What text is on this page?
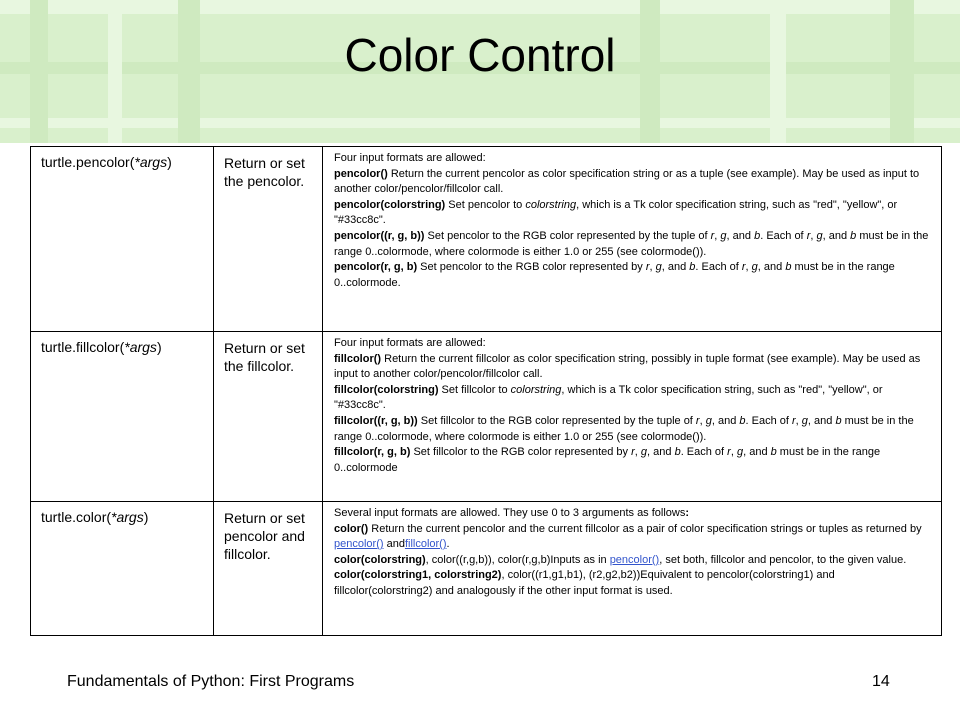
Color Control
turtle.pencolor(*args)	Return or set the pencolor.	Four input formats are allowed:
pencolor() Return the current pencolor as color specification string or as a tuple (see example). May be used as input to another color/pencolor/fillcolor call.
pencolor(colorstring) Set pencolor to colorstring, which is a Tk color specification string, such as "red", "yellow", or "#33cc8c".
pencolor((r, g, b)) Set pencolor to the RGB color represented by the tuple of r, g, and b. Each of r, g, and b must be in the range 0..colormode, where colormode is either 1.0 or 255 (see colormode()).
pencolor(r, g, b) Set pencolor to the RGB color represented by r, g, and b. Each of r, g, and b must be in the range 0..colormode.

turtle.fillcolor(*args)	Return or set the fillcolor.	Four input formats are allowed:
fillcolor() Return the current fillcolor as color specification string, possibly in tuple format (see example). May be used as input to another color/pencolor/fillcolor call.
fillcolor(colorstring) Set fillcolor to colorstring, which is a Tk color specification string, such as "red", "yellow", or "#33cc8c".
fillcolor((r, g, b)) Set fillcolor to the RGB color represented by the tuple of r, g, and b. Each of r, g, and b must be in the range 0..colormode, where colormode is either 1.0 or 255 (see colormode()).
fillcolor(r, g, b) Set fillcolor to the RGB color represented by r, g, and b. Each of r, g, and b must be in the range 0..colormode

turtle.color(*args)	Return or set pencolor and fillcolor.	Several input formats are allowed. They use 0 to 3 arguments as follows:
color() Return the current pencolor and the current fillcolor as a pair of color specification strings or tuples as returned by pencolor() andfillcolor().
color(colorstring), color((r,g,b)), color(r,g,b)Inputs as in pencolor(), set both, fillcolor and pencolor, to the given value.
color(colorstring1, colorstring2), color((r1,g1,b1), (r2,g2,b2))Equivalent to pencolor(colorstring1) and fillcolor(colorstring2) and analogously if the other input format is used.
Fundamentals of Python: First Programs	14
